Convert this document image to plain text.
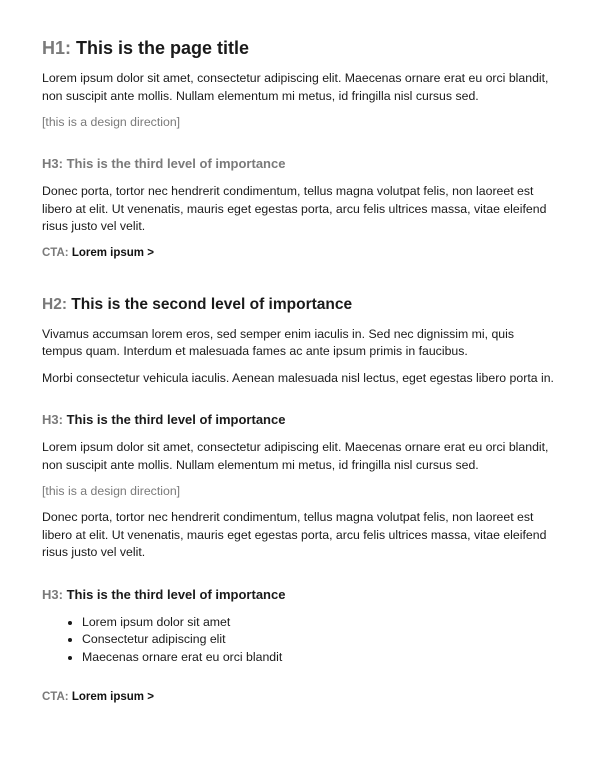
H1: This is the page title

Lorem ipsum dolor sit amet, consectetur adipiscing elit. Maecenas ornare erat eu orci blandit, non suscipit ante mollis. Nullam elementum mi metus, id fringilla nisl cursus sed.

[this is a design direction]
H3: This is the third level of importance

Donec porta, tortor nec hendrerit condimentum, tellus magna volutpat felis, non laoreet est libero at elit. Ut venenatis, mauris eget egestas porta, arcu felis ultrices massa, vitae eleifend risus justo vel velit.

CTA: Lorem ipsum >
H2: This is the second level of importance

Vivamus accumsan lorem eros, sed semper enim iaculis in. Sed nec dignissim mi, quis tempus quam. Interdum et malesuada fames ac ante ipsum primis in faucibus.

Morbi consectetur vehicula iaculis. Aenean malesuada nisl lectus, eget egestas libero porta in.

H3: This is the third level of importance

Lorem ipsum dolor sit amet, consectetur adipiscing elit. Maecenas ornare erat eu orci blandit, non suscipit ante mollis. Nullam elementum mi metus, id fringilla nisl cursus sed.

[this is a design direction]

Donec porta, tortor nec hendrerit condimentum, tellus magna volutpat felis, non laoreet est libero at elit. Ut venenatis, mauris eget egestas porta, arcu felis ultrices massa, vitae eleifend risus justo vel velit.

H3: This is the third level of importance
• Lorem ipsum dolor sit amet
• Consectetur adipiscing elit
• Maecenas ornare erat eu orci blandit
CTA: Lorem ipsum >
